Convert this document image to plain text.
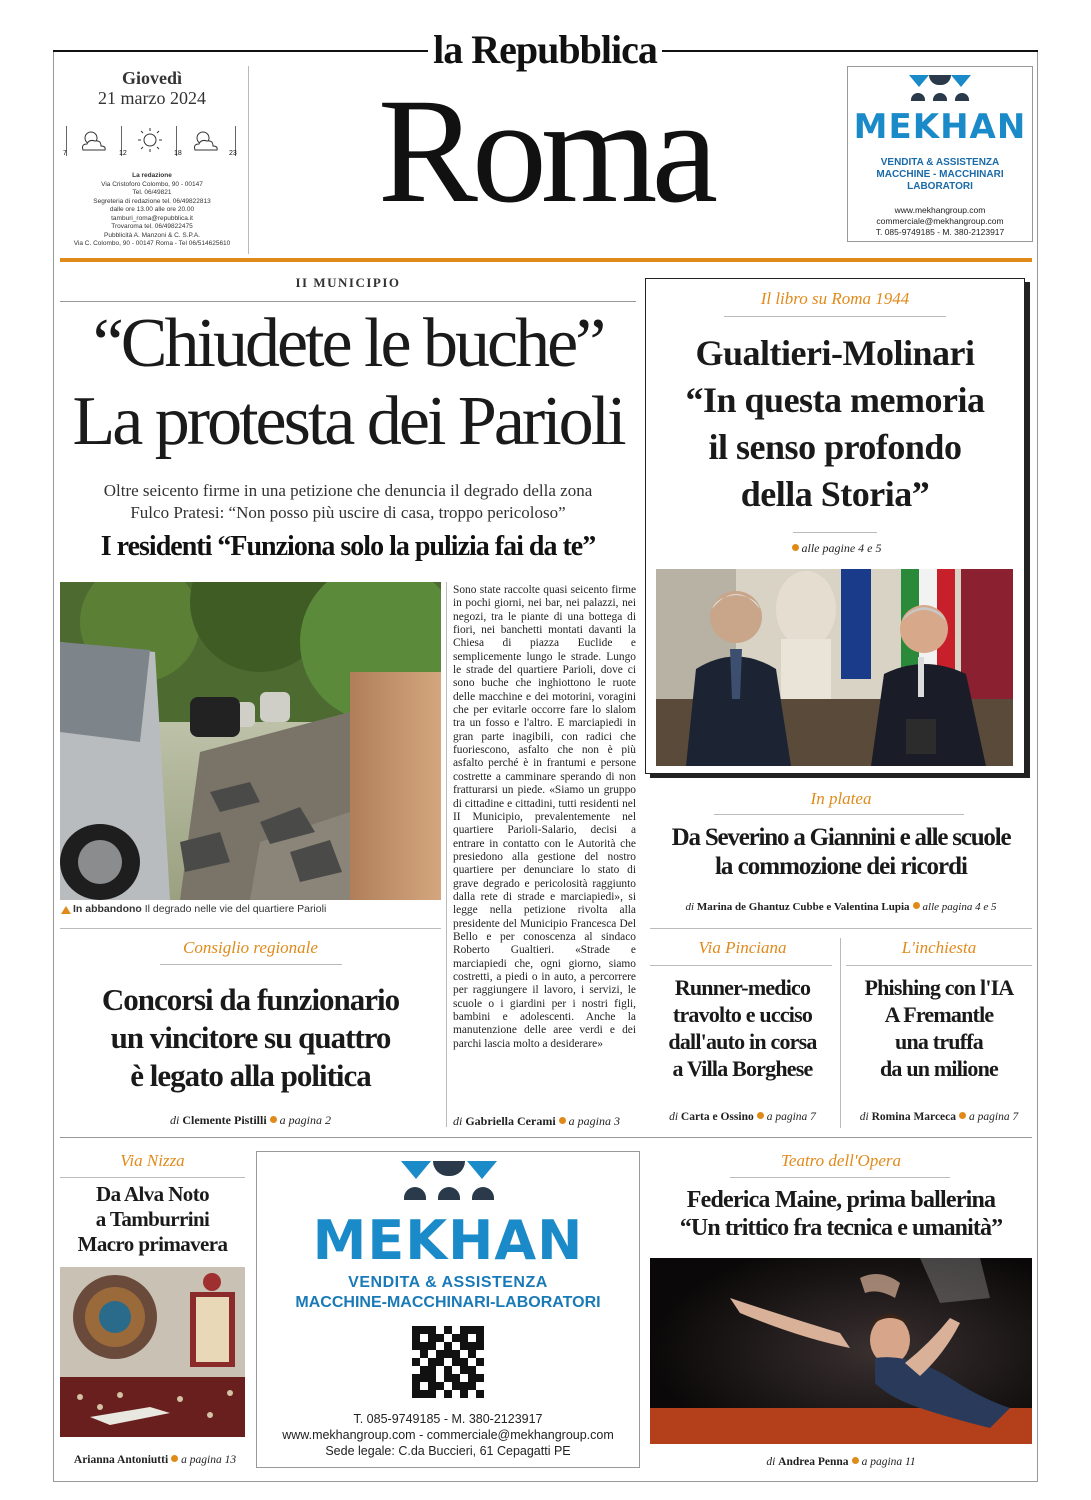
la Repubblica
Giovedì
21 marzo 2024
7	12	18	23
La redazione
Via Cristoforo Colombo, 90 - 00147
Tel. 06/49821
Segreteria di redazione tel. 06/49822813
dalle ore 13.00 alle ore 20.00
tamburi_roma@repubblica.it
Trovaroma tel. 06/49822475
Pubblicità A. Manzoni & C. S.P.A.
Via C. Colombo, 90 - 00147 Roma - Tel 06/514625610
Roma	MEKHAN
VENDITA & ASSISTENZA
MACCHINE - MACCHINARI
LABORATORI
www.mekhangroup.com
commerciale@mekhangroup.com
T. 085-9749185 - M. 380-2123917
II MUNICIPIO
“Chiudete le buche”
La protesta dei Parioli
Oltre seicento firme in una petizione che denuncia il degrado della zona
Fulco Pratesi: “Non posso più uscire di casa, troppo pericoloso”
I residenti “Funziona solo la pulizia fai da te”
In abbandono Il degrado nelle vie del quartiere Parioli
Sono state raccolte quasi seicento firme in pochi giorni, nei bar, nei palazzi, nei negozi, tra le piante di una bottega di fiori, nei banchetti montati davanti la Chiesa di piazza Euclide e semplicemente lungo le strade. Lungo le strade del quartiere Parioli, dove ci sono buche che inghiottono le ruote delle macchine e dei motorini, voragini che per evitarle occorre fare lo slalom tra un fosso e l'altro. E marciapiedi in gran parte inagibili, con radici che fuoriescono, asfalto che non è più asfalto perché è in frantumi e persone costrette a camminare sperando di non fratturarsi un piede. «Siamo un gruppo di cittadine e cittadini, tutti residenti nel II Municipio, prevalentemente nel quartiere Parioli-Salario, decisi a entrare in contatto con le Autorità che presiedono alla gestione del nostro quartiere per denunciare lo stato di grave degrado e pericolosità raggiunto dalla rete di strade e marciapiedi», si legge nella petizione rivolta alla presidente del Municipio Francesca Del Bello e per conoscenza al sindaco Roberto Gualtieri. «Strade e marciapiedi che, ogni giorno, siamo costretti, a piedi o in auto, a percorrere per raggiungere il lavoro, i servizi, le scuole o i giardini per i nostri figli, bambini e adolescenti. Anche la manutenzione delle aree verdi e dei parchi lascia molto a desiderare»
di Gabriella Cerami a pagina 3
Il libro su Roma 1944
Gualtieri-Molinari
“In questa memoria
il senso profondo
della Storia”
alle pagine 4 e 5
In platea
Da Severino a Giannini e alle scuole
la commozione dei ricordi
di Marina de Ghantuz Cubbe e Valentina Lupia alle pagina 4 e 5
Consiglio regionale
Concorsi da funzionario
un vincitore su quattro
è legato alla politica
di Clemente Pistilli a pagina 2
Via Pinciana
Runner-medico
travolto e ucciso
dall'auto in corsa
a Villa Borghese
di Carta e Ossino a pagina 7
L'inchiesta
Phishing con l'IA
A Fremantle
una truffa
da un milione
di Romina Marceca a pagina 7
Via Nizza
Da Alva Noto
a Tamburrini
Macro primavera
Arianna Antoniutti a pagina 13
MEKHAN
VENDITA & ASSISTENZA
MACCHINE-MACCHINARI-LABORATORI
T. 085-9749185 - M. 380-2123917
www.mekhangroup.com - commerciale@mekhangroup.com
Sede legale: C.da Buccieri, 61 Cepagatti PE
Teatro dell'Opera
Federica Maine, prima ballerina
“Un trittico fra tecnica e umanità”
di Andrea Penna a pagina 11
